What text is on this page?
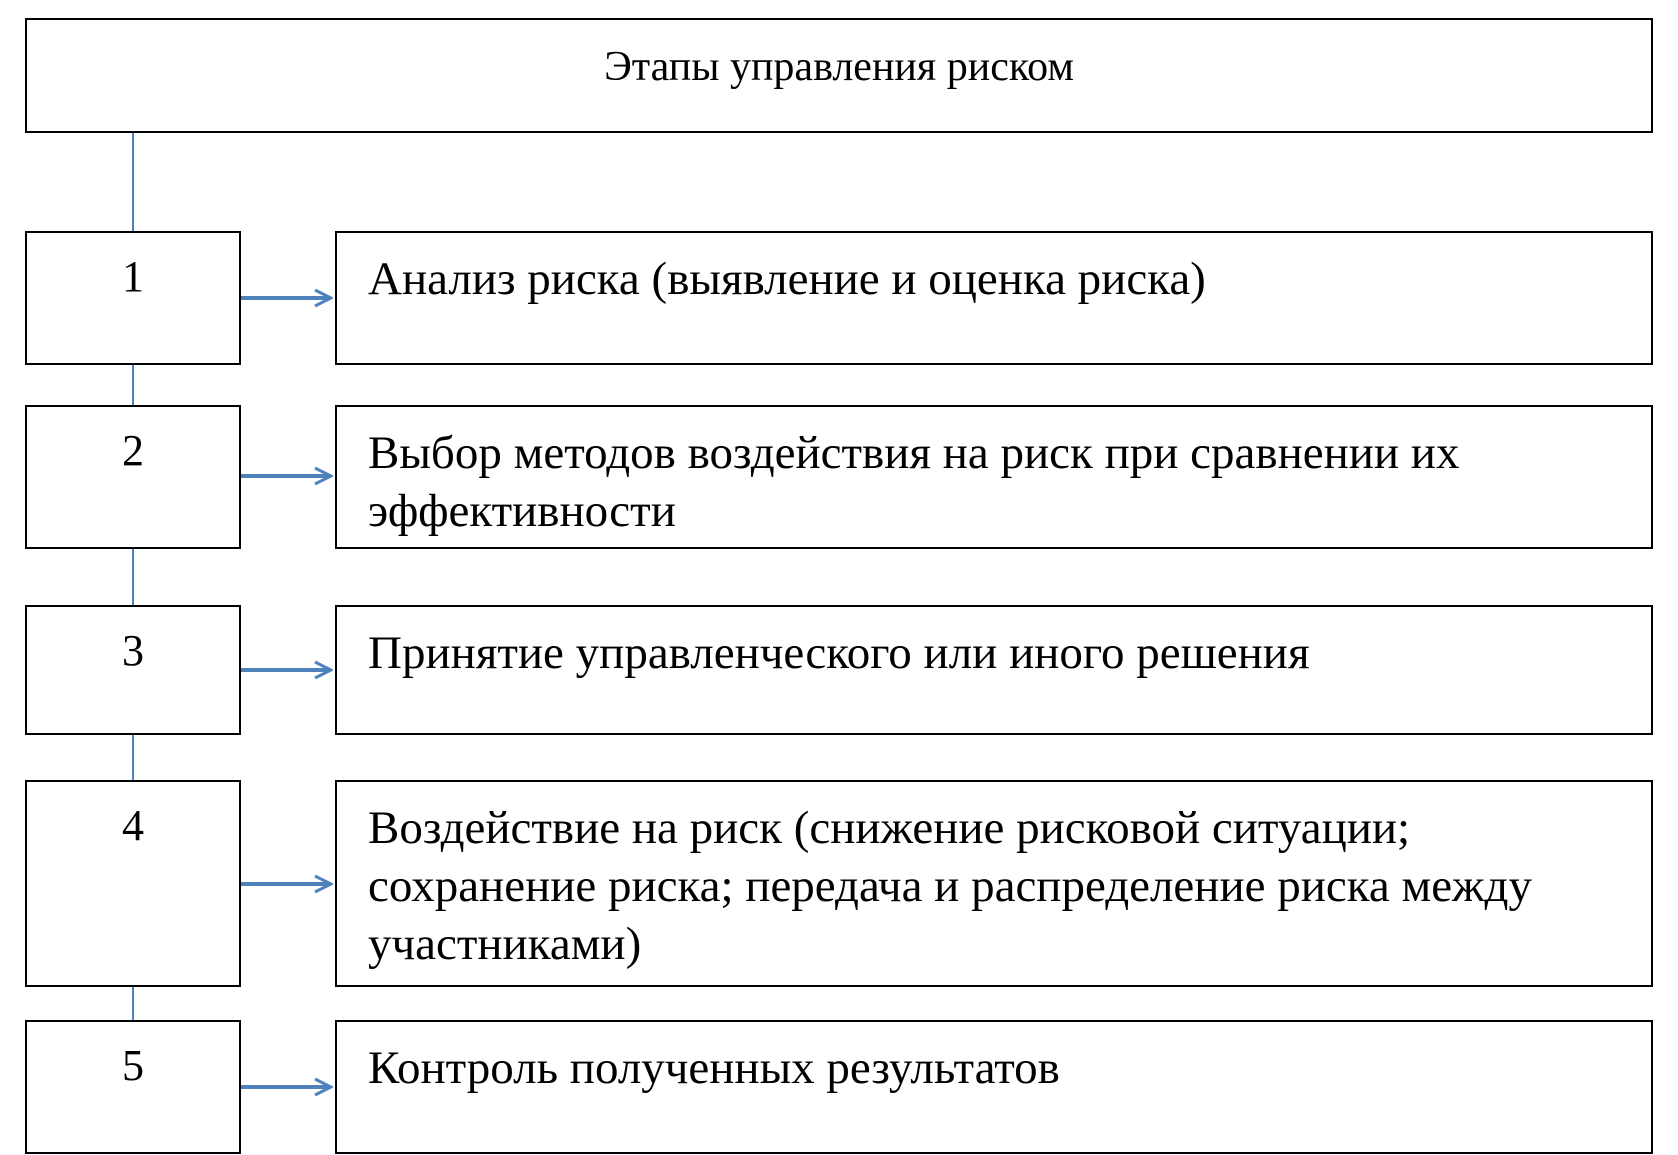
Этапы управления риском
1	Анализ риска (выявление и оценка риска)
2	Выбор методов воздействия на риск при сравнении их эффективности
3	Принятие управленческого или иного решения
4	Воздействие на риск (снижение рисковой ситуации; сохранение риска; передача и распределение риска между участниками)
5	Контроль полученных результатов
